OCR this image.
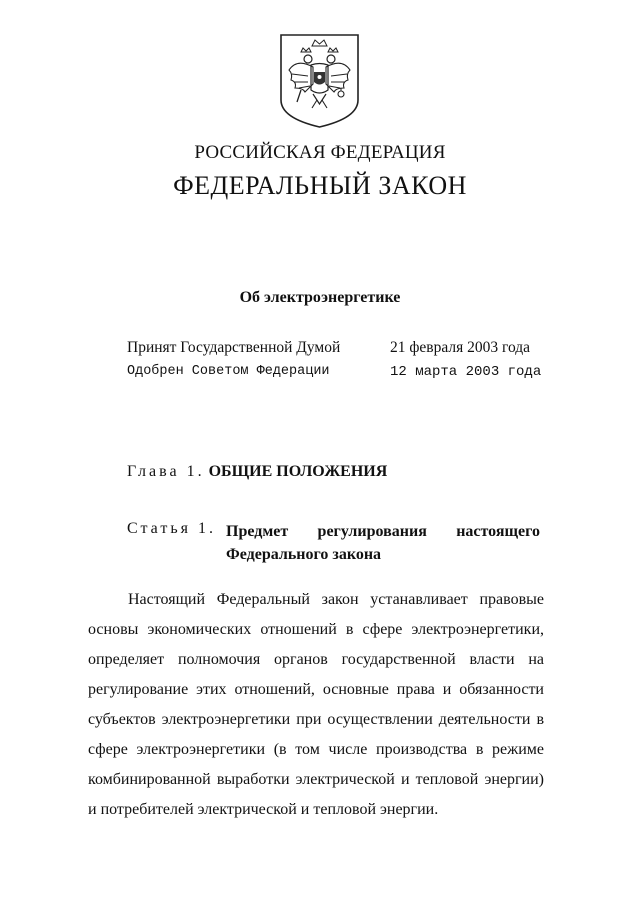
РОССИЙСКАЯ ФЕДЕРАЦИЯ
ФЕДЕРАЛЬНЫЙ ЗАКОН
Об электроэнергетике
Принят Государственной Думой	21 февраля 2003 года
Одобрен Советом Федерации	12 марта 2003 года
Глава 1. ОБЩИЕ ПОЛОЖЕНИЯ
Статья 1. Предмет регулирования настоящего
Федерального закона
Настоящий Федеральный закон устанавливает правовые
основы экономических отношений в сфере электроэнергетики,
определяет полномочия органов государственной власти на
регулирование этих отношений, основные права и обязанности
субъектов электроэнергетики при осуществлении деятельности в
сфере электроэнергетики (в том числе производства в режиме
комбинированной выработки электрической и тепловой энергии)
и потребителей электрической и тепловой энергии.
